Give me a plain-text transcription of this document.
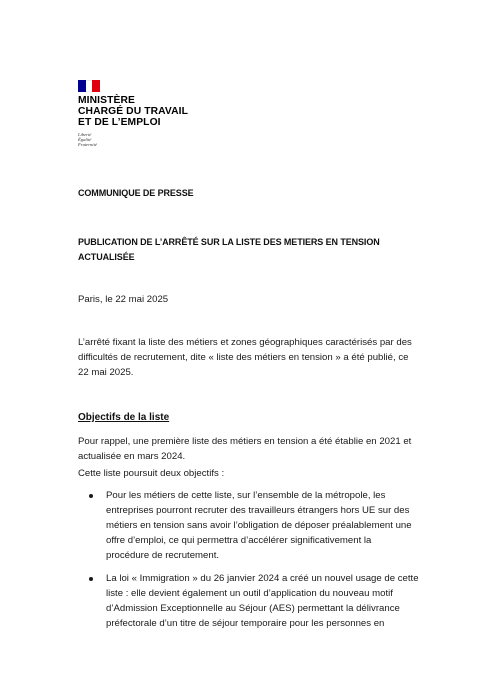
MINISTÈRE
CHARGÉ DU TRAVAIL
ET DE L’EMPLOI
Liberté
Égalité
Fraternité
COMMUNIQUE DE PRESSE
PUBLICATION DE L’ARRÊTÉ SUR LA LISTE DES METIERS EN TENSION
ACTUALISÉE
Paris, le 22 mai 2025
L’arrêté fixant la liste des métiers et zones géographiques caractérisés par des
difficultés de recrutement, dite « liste des métiers en tension » a été publié, ce
22 mai 2025.
Objectifs de la liste
Pour rappel, une première liste des métiers en tension a été établie en 2021 et
actualisée en mars 2024.
Cette liste poursuit deux objectifs :
Pour les métiers de cette liste, sur l’ensemble de la métropole, les
entreprises pourront recruter des travailleurs étrangers hors UE sur des
métiers en tension sans avoir l’obligation de déposer préalablement une
offre d’emploi, ce qui permettra d’accélérer significativement la
procédure de recrutement.
La loi « Immigration » du 26 janvier 2024 a créé un nouvel usage de cette
liste : elle devient également un outil d’application du nouveau motif
d’Admission Exceptionnelle au Séjour (AES) permettant la délivrance
préfectorale d’un titre de séjour temporaire pour les personnes en
